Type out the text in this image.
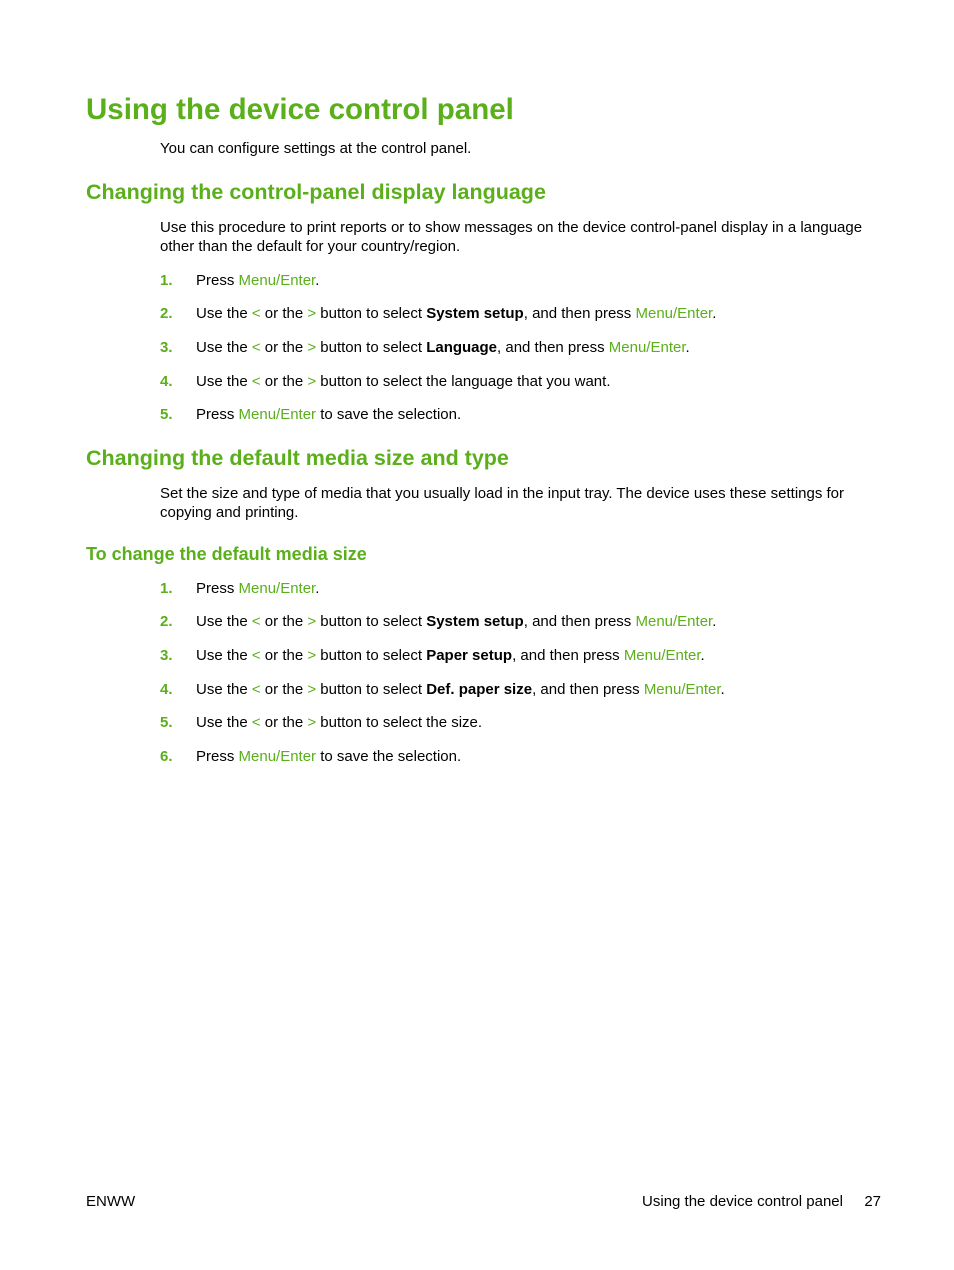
Using the device control panel

You can configure settings at the control panel.

Changing the control-panel display language

Use this procedure to print reports or to show messages on the device control-panel display in a language other than the default for your country/region.

1. Press Menu/Enter.
2. Use the < or the > button to select System setup, and then press Menu/Enter.
3. Use the < or the > button to select Language, and then press Menu/Enter.
4. Use the < or the > button to select the language that you want.
5. Press Menu/Enter to save the selection.
Changing the default media size and type

Set the size and type of media that you usually load in the input tray. The device uses these settings for copying and printing.

To change the default media size
1. Press Menu/Enter.
2. Use the < or the > button to select System setup, and then press Menu/Enter.
3. Use the < or the > button to select Paper setup, and then press Menu/Enter.
4. Use the < or the > button to select Def. paper size, and then press Menu/Enter.
5. Use the < or the > button to select the size.
6. Press Menu/Enter to save the selection.
ENWW	Using the device control panel 27
